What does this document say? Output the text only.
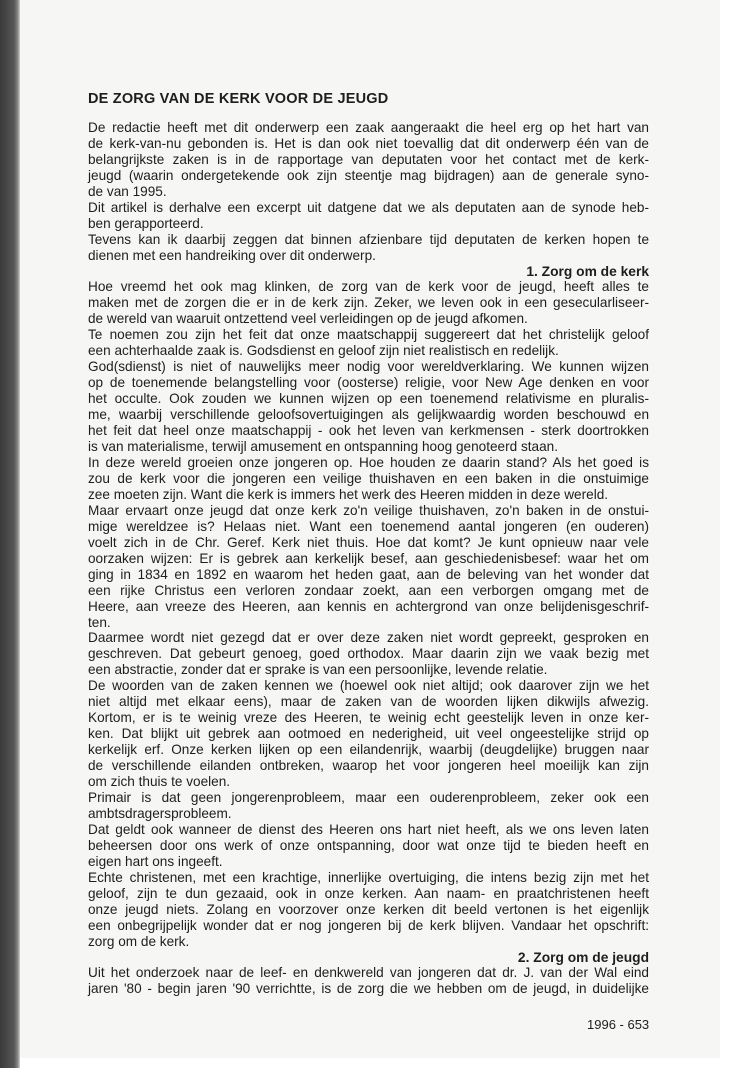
DE ZORG VAN DE KERK VOOR DE JEUGD
De redactie heeft met dit onderwerp een zaak aangeraakt die heel erg op het hart van
de kerk-van-nu gebonden is. Het is dan ook niet toevallig dat dit onderwerp één van de
belangrijkste zaken is in de rapportage van deputaten voor het contact met de kerk-
jeugd (waarin ondergetekende ook zijn steentje mag bijdragen) aan de generale syno-
de van 1995.
Dit artikel is derhalve een excerpt uit datgene dat we als deputaten aan de synode heb-
ben gerapporteerd.
Tevens kan ik daarbij zeggen dat binnen afzienbare tijd deputaten de kerken hopen te
dienen met een handreiking over dit onderwerp.
1. Zorg om de kerk
Hoe vreemd het ook mag klinken, de zorg van de kerk voor de jeugd, heeft alles te
maken met de zorgen die er in de kerk zijn. Zeker, we leven ook in een gesecularliseer-
de wereld van waaruit ontzettend veel verleidingen op de jeugd afkomen.
Te noemen zou zijn het feit dat onze maatschappij suggereert dat het christelijk geloof
een achterhaalde zaak is. Godsdienst en geloof zijn niet realistisch en redelijk.
God(sdienst) is niet of nauwelijks meer nodig voor wereldverklaring. We kunnen wijzen
op de toenemende belangstelling voor (oosterse) religie, voor New Age denken en voor
het occulte. Ook zouden we kunnen wijzen op een toenemend relativisme en pluralis-
me, waarbij verschillende geloofsovertuigingen als gelijkwaardig worden beschouwd en
het feit dat heel onze maatschappij - ook het leven van kerkmensen - sterk doortrokken
is van materialisme, terwijl amusement en ontspanning hoog genoteerd staan.
In deze wereld groeien onze jongeren op. Hoe houden ze daarin stand? Als het goed is
zou de kerk voor die jongeren een veilige thuishaven en een baken in die onstuimige
zee moeten zijn. Want die kerk is immers het werk des Heeren midden in deze wereld.
Maar ervaart onze jeugd dat onze kerk zo'n veilige thuishaven, zo'n baken in de onstui-
mige wereldzee is? Helaas niet. Want een toenemend aantal jongeren (en ouderen)
voelt zich in de Chr. Geref. Kerk niet thuis. Hoe dat komt? Je kunt opnieuw naar vele
oorzaken wijzen: Er is gebrek aan kerkelijk besef, aan geschiedenisbesef: waar het om
ging in 1834 en 1892 en waarom het heden gaat, aan de beleving van het wonder dat
een rijke Christus een verloren zondaar zoekt, aan een verborgen omgang met de
Heere, aan vreeze des Heeren, aan kennis en achtergrond van onze belijdenisgeschrif-
ten.
Daarmee wordt niet gezegd dat er over deze zaken niet wordt gepreekt, gesproken en
geschreven. Dat gebeurt genoeg, goed orthodox. Maar daarin zijn we vaak bezig met
een abstractie, zonder dat er sprake is van een persoonlijke, levende relatie.
De woorden van de zaken kennen we (hoewel ook niet altijd; ook daarover zijn we het
niet altijd met elkaar eens), maar de zaken van de woorden lijken dikwijls afwezig.
Kortom, er is te weinig vreze des Heeren, te weinig echt geestelijk leven in onze ker-
ken. Dat blijkt uit gebrek aan ootmoed en nederigheid, uit veel ongeestelijke strijd op
kerkelijk erf. Onze kerken lijken op een eilandenrijk, waarbij (deugdelijke) bruggen naar
de verschillende eilanden ontbreken, waarop het voor jongeren heel moeilijk kan zijn
om zich thuis te voelen.
Primair is dat geen jongerenprobleem, maar een ouderenprobleem, zeker ook een
ambtsdragersprobleem.
Dat geldt ook wanneer de dienst des Heeren ons hart niet heeft, als we ons leven laten
beheersen door ons werk of onze ontspanning, door wat onze tijd te bieden heeft en
eigen hart ons ingeeft.
Echte christenen, met een krachtige, innerlijke overtuiging, die intens bezig zijn met het
geloof, zijn te dun gezaaid, ook in onze kerken. Aan naam- en praatchristenen heeft
onze jeugd niets. Zolang en voorzover onze kerken dit beeld vertonen is het eigenlijk
een onbegrijpelijk wonder dat er nog jongeren bij de kerk blijven. Vandaar het opschrift:
zorg om de kerk.
2. Zorg om de jeugd
Uit het onderzoek naar de leef- en denkwereld van jongeren dat dr. J. van der Wal eind
jaren '80 - begin jaren '90 verrichtte, is de zorg die we hebben om de jeugd, in duidelijke
1996 - 653
